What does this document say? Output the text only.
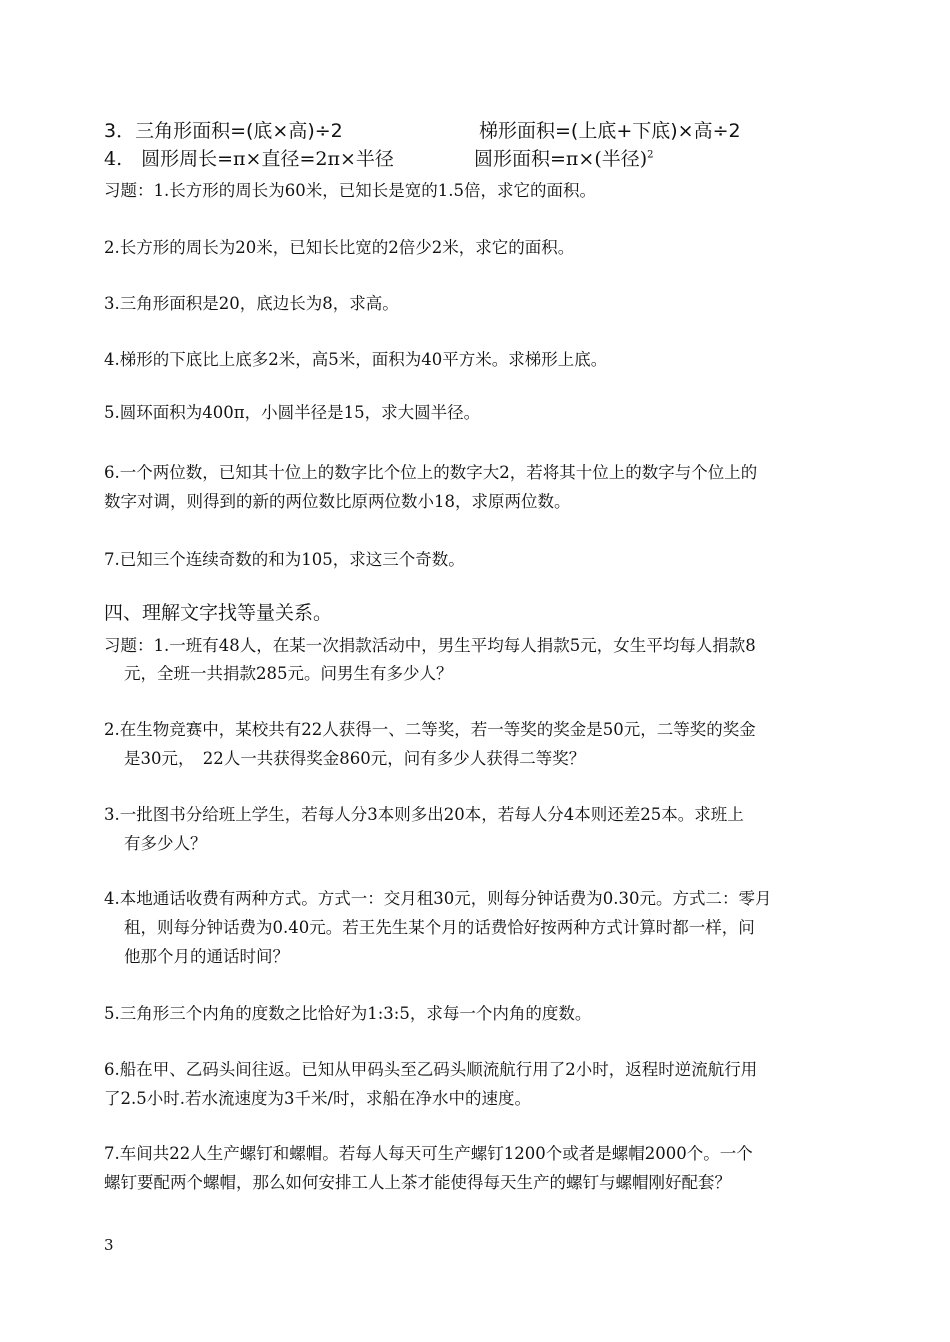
3．三角形面积=(底×高)÷2	梯形面积=(上底+下底)×高÷2
4.　圆形周长=π×直径=2π×半径	圆形面积=π×(半径)$^2$
习题：1.长方形的周长为60米，已知长是宽的1.5倍，求它的面积。
2.长方形的周长为20米，已知长比宽的2倍少2米，求它的面积。
3.三角形面积是20，底边长为8，求高。
4.梯形的下底比上底多2米，高5米，面积为40平方米。求梯形上底。
5.圆环面积为400π，小圆半径是15，求大圆半径。
6.一个两位数，已知其十位上的数字比个位上的数字大2，若将其十位上的数字与个位上的
数字对调，则得到的新的两位数比原两位数小18，求原两位数。
7.已知三个连续奇数的和为105，求这三个奇数。
四、理解文字找等量关系。
习题：1.一班有48人，在某一次捐款活动中，男生平均每人捐款5元，女生平均每人捐款8
元，全班一共捐款285元。问男生有多少人？
2.在生物竞赛中，某校共有22人获得一、二等奖，若一等奖的奖金是50元，二等奖的奖金
是30元，　22人一共获得奖金860元，问有多少人获得二等奖？
3.一批图书分给班上学生，若每人分3本则多出20本，若每人分4本则还差25本。求班上
有多少人？
4.本地通话收费有两种方式。方式一：交月租30元，则每分钟话费为0.30元。方式二：零月
租，则每分钟话费为0.40元。若王先生某个月的话费恰好按两种方式计算时都一样，问
他那个月的通话时间？
5.三角形三个内角的度数之比恰好为1:3:5，求每一个内角的度数。
6.船在甲、乙码头间往返。已知从甲码头至乙码头顺流航行用了2小时，返程时逆流航行用
了2.5小时.若水流速度为3千米/时，求船在净水中的速度。
7.车间共22人生产螺钉和螺帽。若每人每天可生产螺钉1200个或者是螺帽2000个。一个
螺钉要配两个螺帽，那么如何安排工人上茶才能使得每天生产的螺钉与螺帽刚好配套？
3
